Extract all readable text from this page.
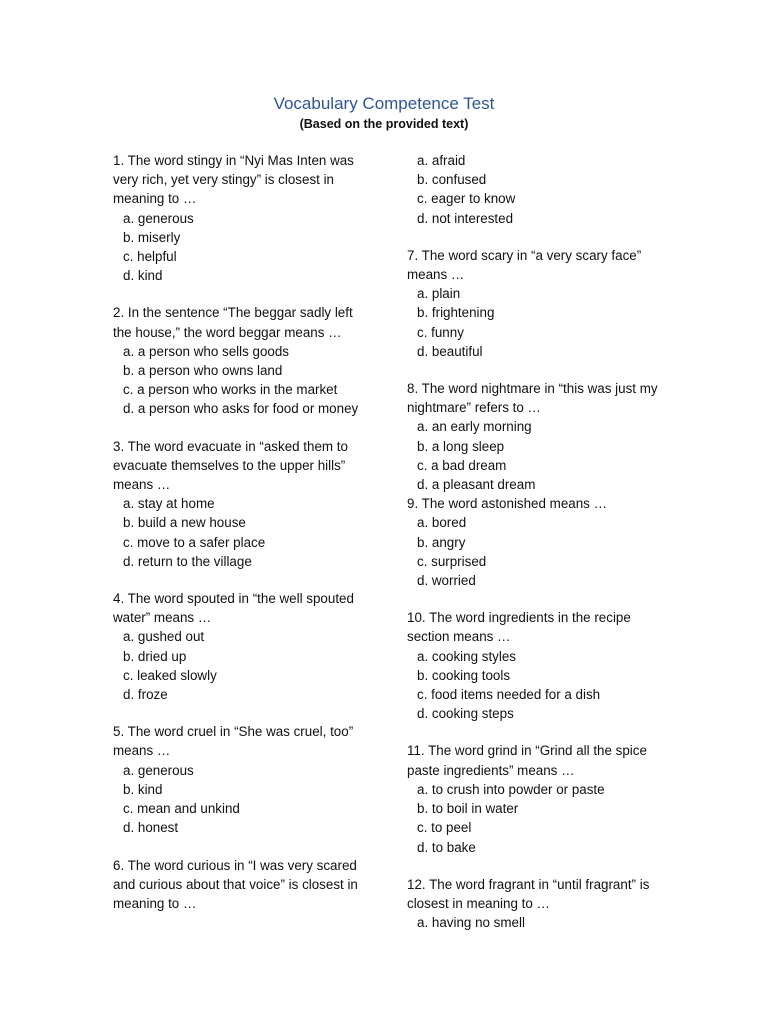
Vocabulary Competence Test
(Based on the provided text)

1. The word stingy in “Nyi Mas Inten was very rich, yet very stingy” is closest in meaning to …

a. generous

b. miserly

c. helpful

d. kind

2. In the sentence “The beggar sadly left the house,” the word beggar means …

a. a person who sells goods

b. a person who owns land

c. a person who works in the market

d. a person who asks for food or money

3. The word evacuate in “asked them to evacuate themselves to the upper hills” means …

a. stay at home

b. build a new house

c. move to a safer place

d. return to the village

4. The word spouted in “the well spouted water” means …

a. gushed out

b. dried up

c. leaked slowly

d. froze

5. The word cruel in “She was cruel, too” means …

a. generous

b. kind

c. mean and unkind

d. honest

6. The word curious in “I was very scared and curious about that voice” is closest in meaning to …

a. afraid

b. confused

c. eager to know

d. not interested

7. The word scary in “a very scary face” means …

a. plain

b. frightening

c. funny

d. beautiful

8. The word nightmare in “this was just my nightmare” refers to …

a. an early morning

b. a long sleep

c. a bad dream

d. a pleasant dream

9. The word astonished means …

a. bored

b. angry

c. surprised

d. worried

10. The word ingredients in the recipe section means …

a. cooking styles

b. cooking tools

c. food items needed for a dish

d. cooking steps

11. The word grind in “Grind all the spice paste ingredients” means …

a. to crush into powder or paste

b. to boil in water

c. to peel

d. to bake

12. The word fragrant in “until fragrant” is closest in meaning to …

a. having no smell
